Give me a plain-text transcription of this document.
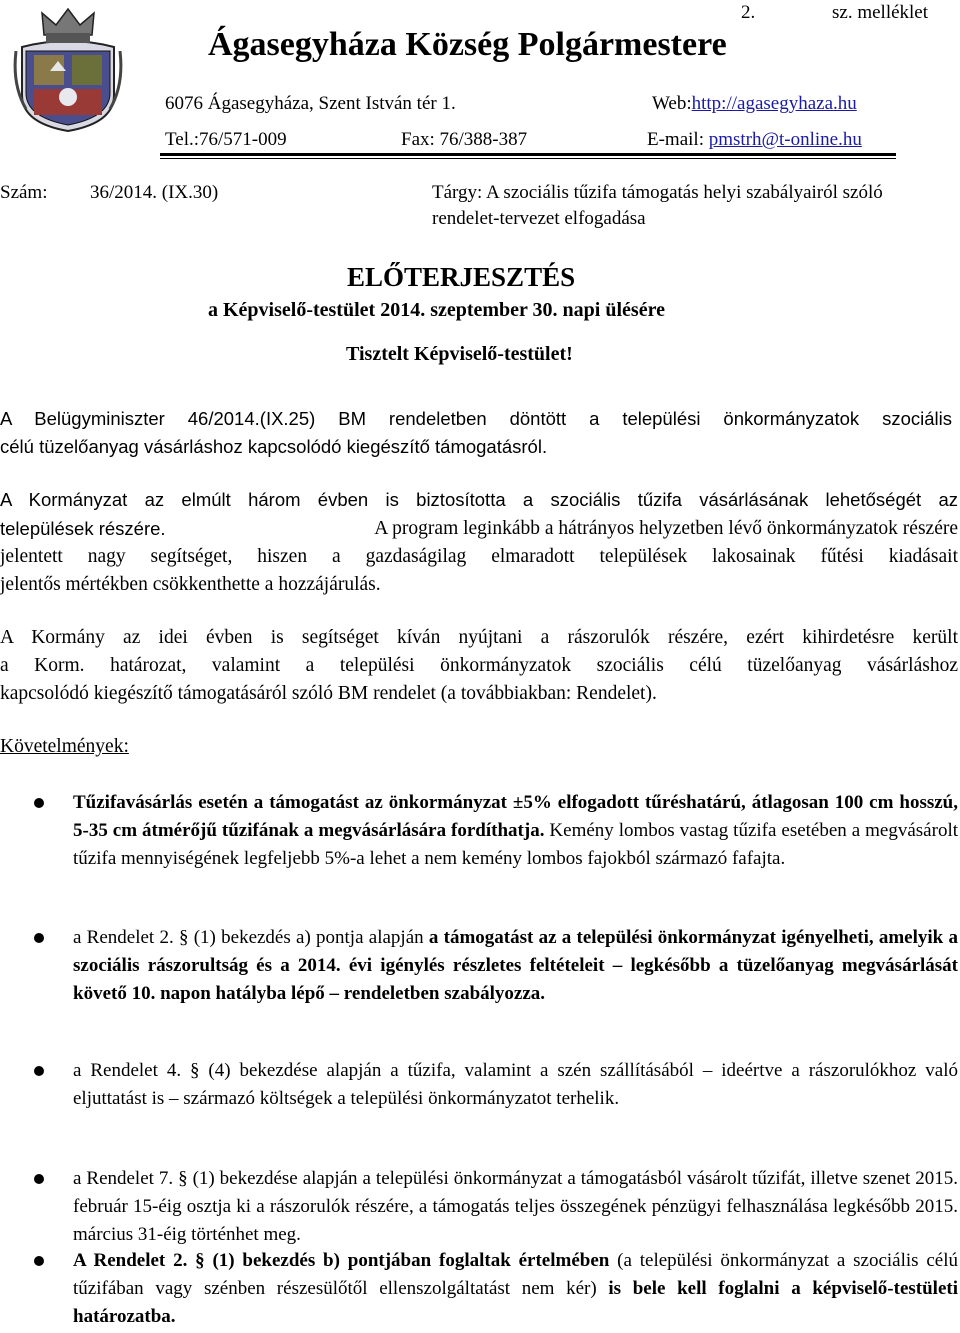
2.	sz. melléklet
Ágasegyháza Község Polgármestere
6076 Ágasegyháza, Szent István tér 1.	Web:http://agasegyhaza.hu
Tel.:76/571-009	Fax: 76/388-387	E-mail: pmstrh@t-online.hu
Szám: 36/2014. (IX.30)	Tárgy: A szociális tűzifa támogatás helyi szabályairól szóló
rendelet-tervezet elfogadása
ELŐTERJESZTÉS
a Képviselő-testület 2014. szeptember 30. napi ülésére
Tisztelt Képviselő-testület!
A Belügyminiszter 46/2014.(IX.25) BM rendeletben döntött a települési önkormányzatok szociális
célú tüzelőanyag vásárláshoz kapcsolódó kiegészítő támogatásról.
A Kormányzat az elmúlt három évben is biztosította a szociális tűzifa vásárlásának lehetőségét az
települések részére.	A program leginkább a hátrányos helyzetben lévő önkormányzatok részére
jelentett nagy segítséget, hiszen a gazdaságilag elmaradott települések lakosainak fűtési kiadásait
jelentős mértékben csökkenthette a hozzájárulás.
A Kormány az idei évben is segítséget kíván nyújtani a rászorulók részére, ezért kihirdetésre került
a Korm. határozat, valamint a települési önkormányzatok szociális célú tüzelőanyag vásárláshoz
kapcsolódó kiegészítő támogatásáról szóló BM rendelet (a továbbiakban: Rendelet).
Követelmények:
Tűzifavásárlás esetén a támogatást az önkormányzat ±5% elfogadott tűréshatárú, átlagosan 100 cm hosszú, 5-35 cm átmérőjű tűzifának a megvásárlására fordíthatja. Kemény lombos vastag tűzifa esetében a megvásárolt tűzifa mennyiségének legfeljebb 5%-a lehet a nem kemény lombos fajokból származó fafajta.
a Rendelet 2. § (1) bekezdés a) pontja alapján a támogatást az a települési önkormányzat igényelheti, amelyik a szociális rászorultság és a 2014. évi igénylés részletes feltételeit – legkésőbb a tüzelőanyag megvásárlását követő 10. napon hatályba lépő – rendeletben szabályozza.
a Rendelet 4. § (4) bekezdése alapján a tűzifa, valamint a szén szállításából – ideértve a rászorulókhoz való eljuttatást is – származó költségek a települési önkormányzatot terhelik.
a Rendelet 7. § (1) bekezdése alapján a települési önkormányzat a támogatásból vásárolt tűzifát, illetve szenet 2015. február 15-éig osztja ki a rászorulók részére, a támogatás teljes összegének pénzügyi felhasználása legkésőbb 2015. március 31-éig történhet meg.
A Rendelet 2. § (1) bekezdés b) pontjában foglaltak értelmében (a települési önkormányzat a szociális célú tűzifában vagy szénben részesülőtől ellenszolgáltatást nem kér) is bele kell foglalni a képviselő-testületi határozatba.
